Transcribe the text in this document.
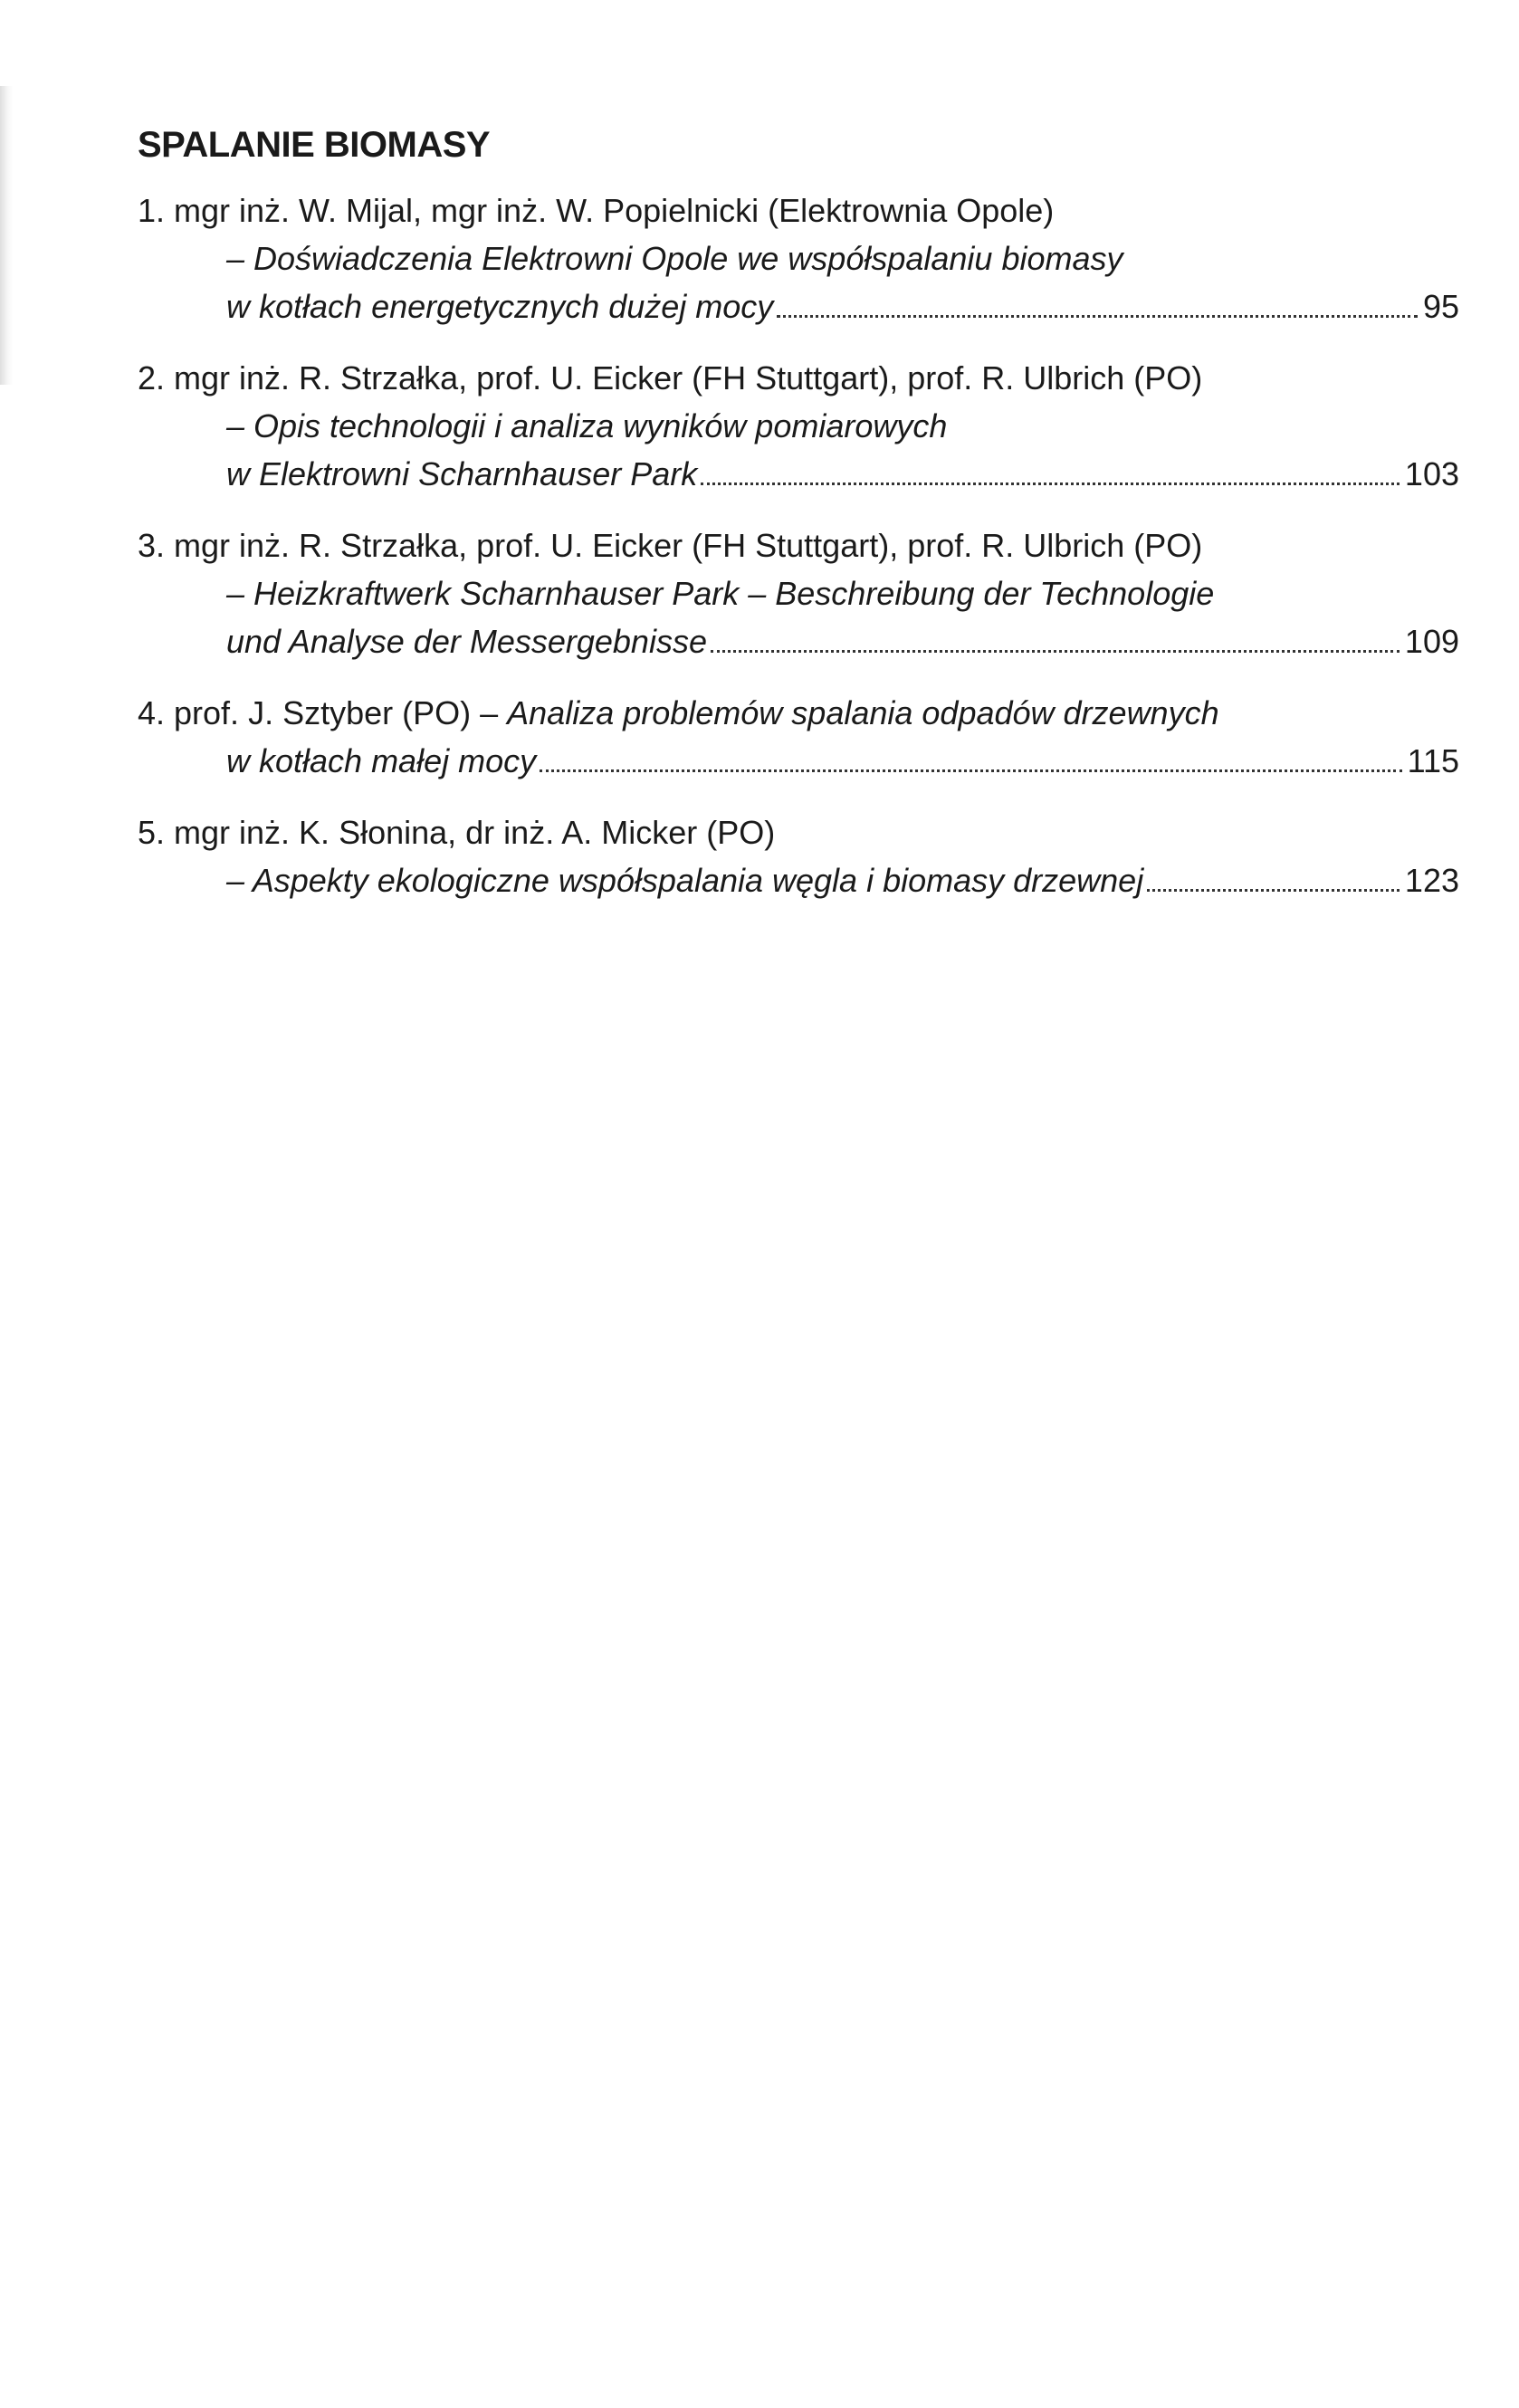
SPALANIE BIOMASY
1. mgr inż. W. Mijal, mgr inż. W. Popielnicki (Elektrownia Opole)
– Doświadczenia Elektrowni Opole we współspalaniu biomasy
w kotłach energetycznych dużej mocy	95
2. mgr inż. R. Strzałka, prof. U. Eicker (FH Stuttgart), prof. R. Ulbrich (PO)
– Opis technologii i analiza wyników pomiarowych
w Elektrowni Scharnhauser Park	103
3. mgr inż. R. Strzałka, prof. U. Eicker (FH Stuttgart), prof. R. Ulbrich (PO)
– Heizkraftwerk Scharnhauser Park – Beschreibung der Technologie
und Analyse der Messergebnisse	109
4. prof. J. Sztyber (PO) – Analiza problemów spalania odpadów drzewnych
w kotłach małej mocy	115
5. mgr inż. K. Słonina, dr inż. A. Micker (PO)
– Aspekty ekologiczne współspalania węgla i biomasy drzewnej	123
